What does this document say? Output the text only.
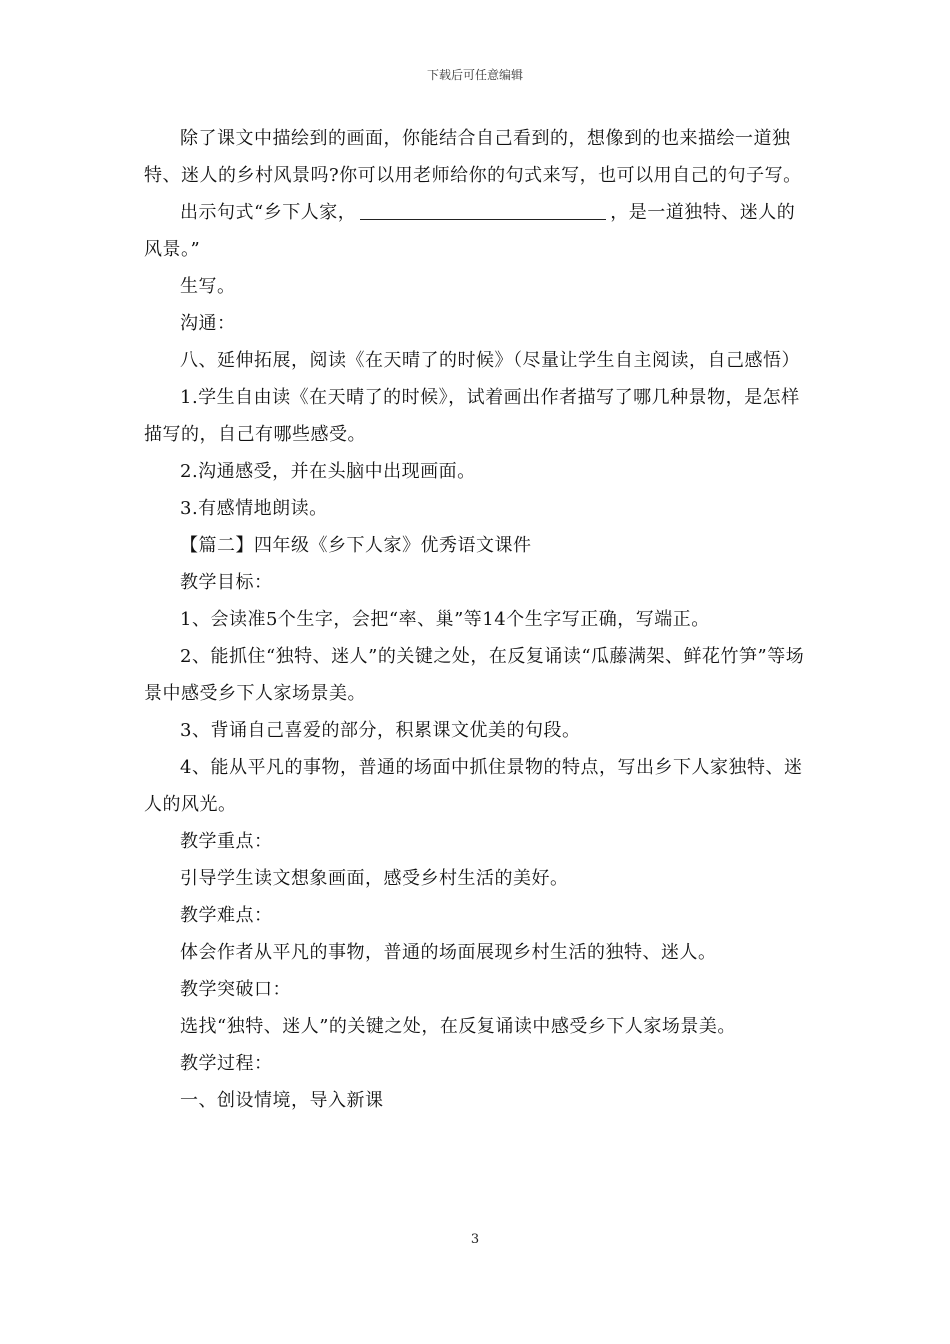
下载后可任意编辑

除了课文中描绘到的画面，你能结合自己看到的，想像到的也来描绘一道独特、迷人的乡村风景吗?你可以用老师给你的句式来写，也可以用自己的句子写。

出示句式“乡下人家，	，是一道独特、迷人的风景。”

生写。

沟通：

八、延伸拓展，阅读《在天晴了的时候》（尽量让学生自主阅读，自己感悟）

1.学生自由读《在天晴了的时候》，试着画出作者描写了哪几种景物，是怎样描写的，自己有哪些感受。

2.沟通感受，并在头脑中出现画面。

3.有感情地朗读。

【篇二】四年级《乡下人家》优秀语文课件

教学目标：

1、会读准5个生字，会把“率、巢”等14个生字写正确，写端正。

2、能抓住“独特、迷人”的关键之处，在反复诵读“瓜藤满架、鲜花竹笋”等场景中感受乡下人家场景美。

3、背诵自己喜爱的部分，积累课文优美的句段。

4、能从平凡的事物，普通的场面中抓住景物的特点，写出乡下人家独特、迷人的风光。

教学重点：

引导学生读文想象画面，感受乡村生活的美好。

教学难点：

体会作者从平凡的事物，普通的场面展现乡村生活的独特、迷人。

教学突破口：

选找“独特、迷人”的关键之处，在反复诵读中感受乡下人家场景美。

教学过程：

一、创设情境，导入新课

3
